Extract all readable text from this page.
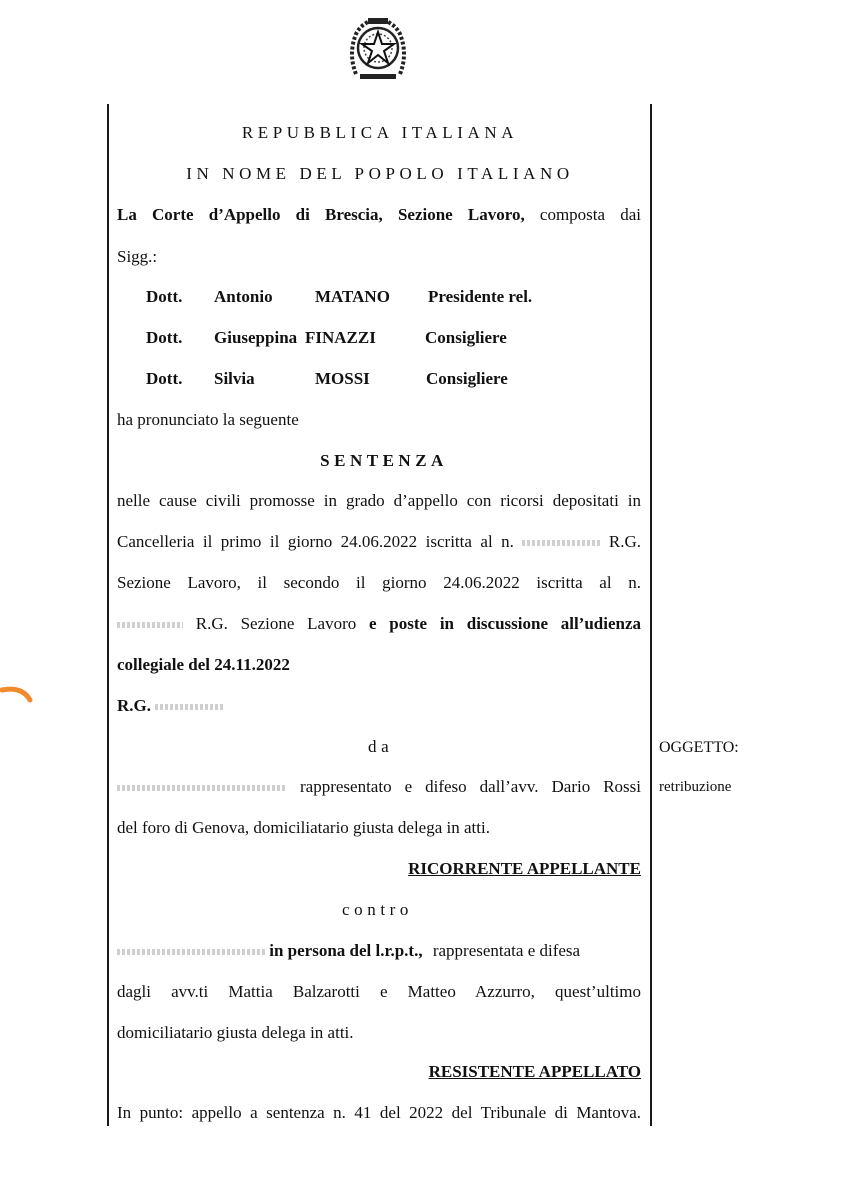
REPUBBLICA ITALIANA
IN NOME DEL POPOLO ITALIANO
La Corte d’Appello di Brescia, Sezione Lavoro, composta dai
Sigg.:
Dott. Antonio MATANO Presidente rel.
Dott. Giuseppina FINAZZI	Consigliere
Dott. Silvia	MOSSI	Consigliere
ha pronunciato la seguente
SENTENZA
nelle cause civili promosse in grado d’appello con ricorsi depositati in
Cancelleria il primo il giorno 24.06.2022 iscritta al n.	R.G.
Sezione Lavoro, il secondo il giorno 24.06.2022 iscritta al n.
R.G. Sezione Lavoro e poste in discussione all’udienza
collegiale del 24.11.2022
R.G.
da
rappresentato e difeso dall’avv. Dario Rossi
del foro di Genova, domiciliatario giusta delega in atti.
RICORRENTE APPELLANTE
contro
in persona del l.r.p.t., rappresentata e difesa
dagli avv.ti Mattia Balzarotti e Matteo Azzurro, quest’ultimo
domiciliatario giusta delega in atti.
RESISTENTE APPELLATO
In punto: appello a sentenza n. 41 del 2022 del Tribunale di Mantova.
OGGETTO:
retribuzione
